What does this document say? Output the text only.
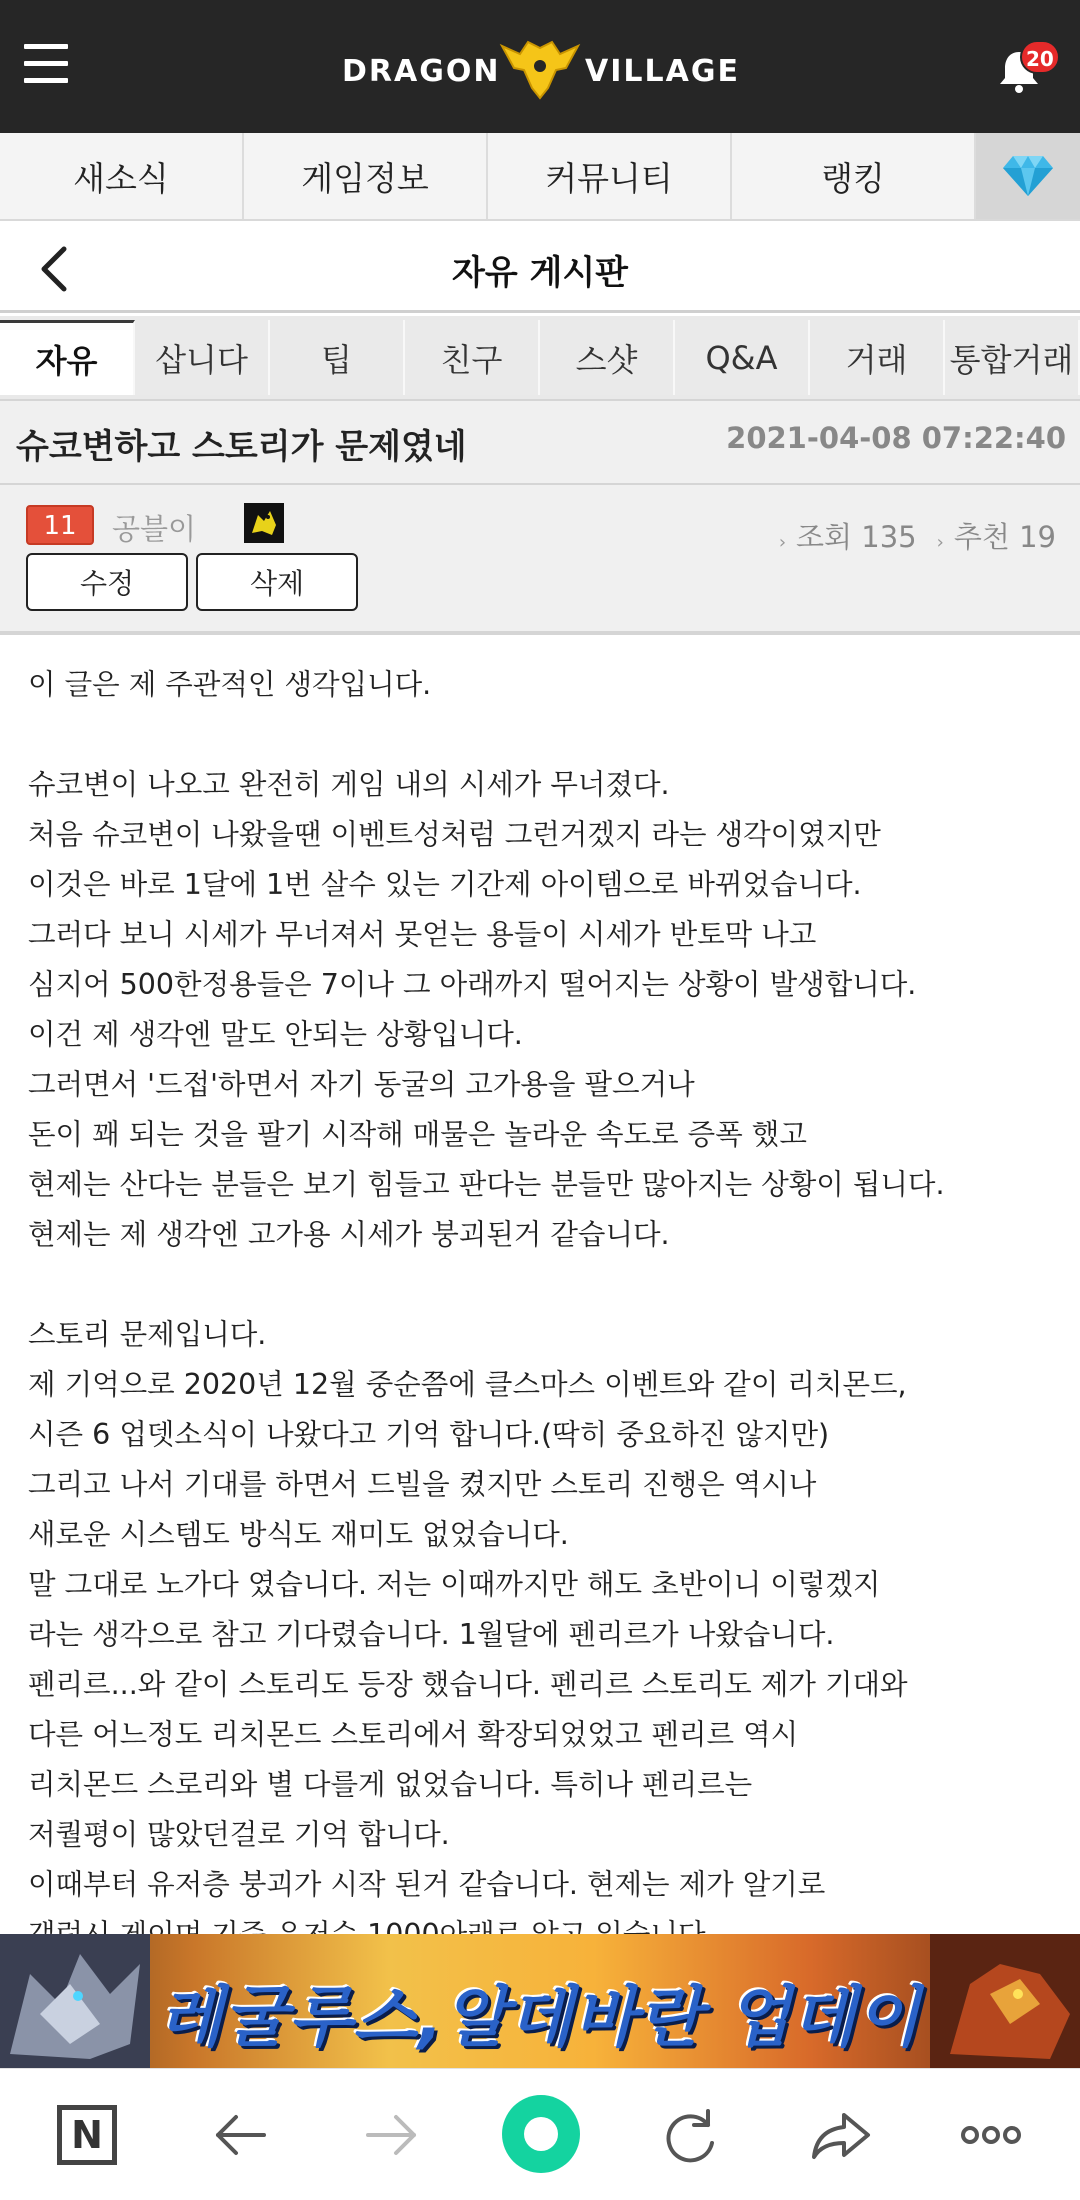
DRAGON	VILLAGE	20
새소식	게임정보	커뮤니티	랭킹
자유 게시판
자유	삽니다	팁	친구	스샷	Q&A	거래	통합거래
슈코변하고 스토리가 문제였네	2021-04-08 07:22:40
11	공블이	› 조회 135 › 추천 19
수정	삭제
이 글은 제 주관적인 생각입니다.
슈코변이 나오고 완전히 게임 내의 시세가 무너졌다.
처음 슈코변이 나왔을땐 이벤트성처럼 그런거겠지 라는 생각이였지만
이것은 바로 1달에 1번 살수 있는 기간제 아이템으로 바뀌었습니다.
그러다 보니 시세가 무너져서 못얻는 용들이 시세가 반토막 나고
심지어 500한정용들은 7이나 그 아래까지 떨어지는 상황이 발생합니다.
이건 제 생각엔 말도 안되는 상황입니다.
그러면서 '드접'하면서 자기 동굴의 고가용을 팔으거나
돈이 꽤 되는 것을 팔기 시작해 매물은 놀라운 속도로 증폭 했고
현제는 산다는 분들은 보기 힘들고 판다는 분들만 많아지는 상황이 됩니다.
현제는 제 생각엔 고가용 시세가 붕괴된거 같습니다.
스토리 문제입니다.
제 기억으로 2020년 12월 중순쯤에 클스마스 이벤트와 같이 리치몬드,
시즌 6 업뎃소식이 나왔다고 기억 합니다.(딱히 중요하진 않지만)
그리고 나서 기대를 하면서 드빌을 켰지만 스토리 진행은 역시나
새로운 시스템도 방식도 재미도 없었습니다.
말 그대로 노가다 였습니다. 저는 이때까지만 해도 초반이니 이렇겠지
라는 생각으로 참고 기다렸습니다. 1월달에 펜리르가 나왔습니다.
펜리르...와 같이 스토리도 등장 했습니다. 펜리르 스토리도 제가 기대와
다른 어느정도 리치몬드 스토리에서 확장되었었고 펜리르 역시
리치몬드 스로리와 별 다를게 없었습니다. 특히나 펜리르는
저퀄평이 많았던걸로 기억 합니다.
이때부터 유저층 붕괴가 시작 된거 같습니다. 현제는 제가 알기로
레굴루스,알데바란 업데이
N
